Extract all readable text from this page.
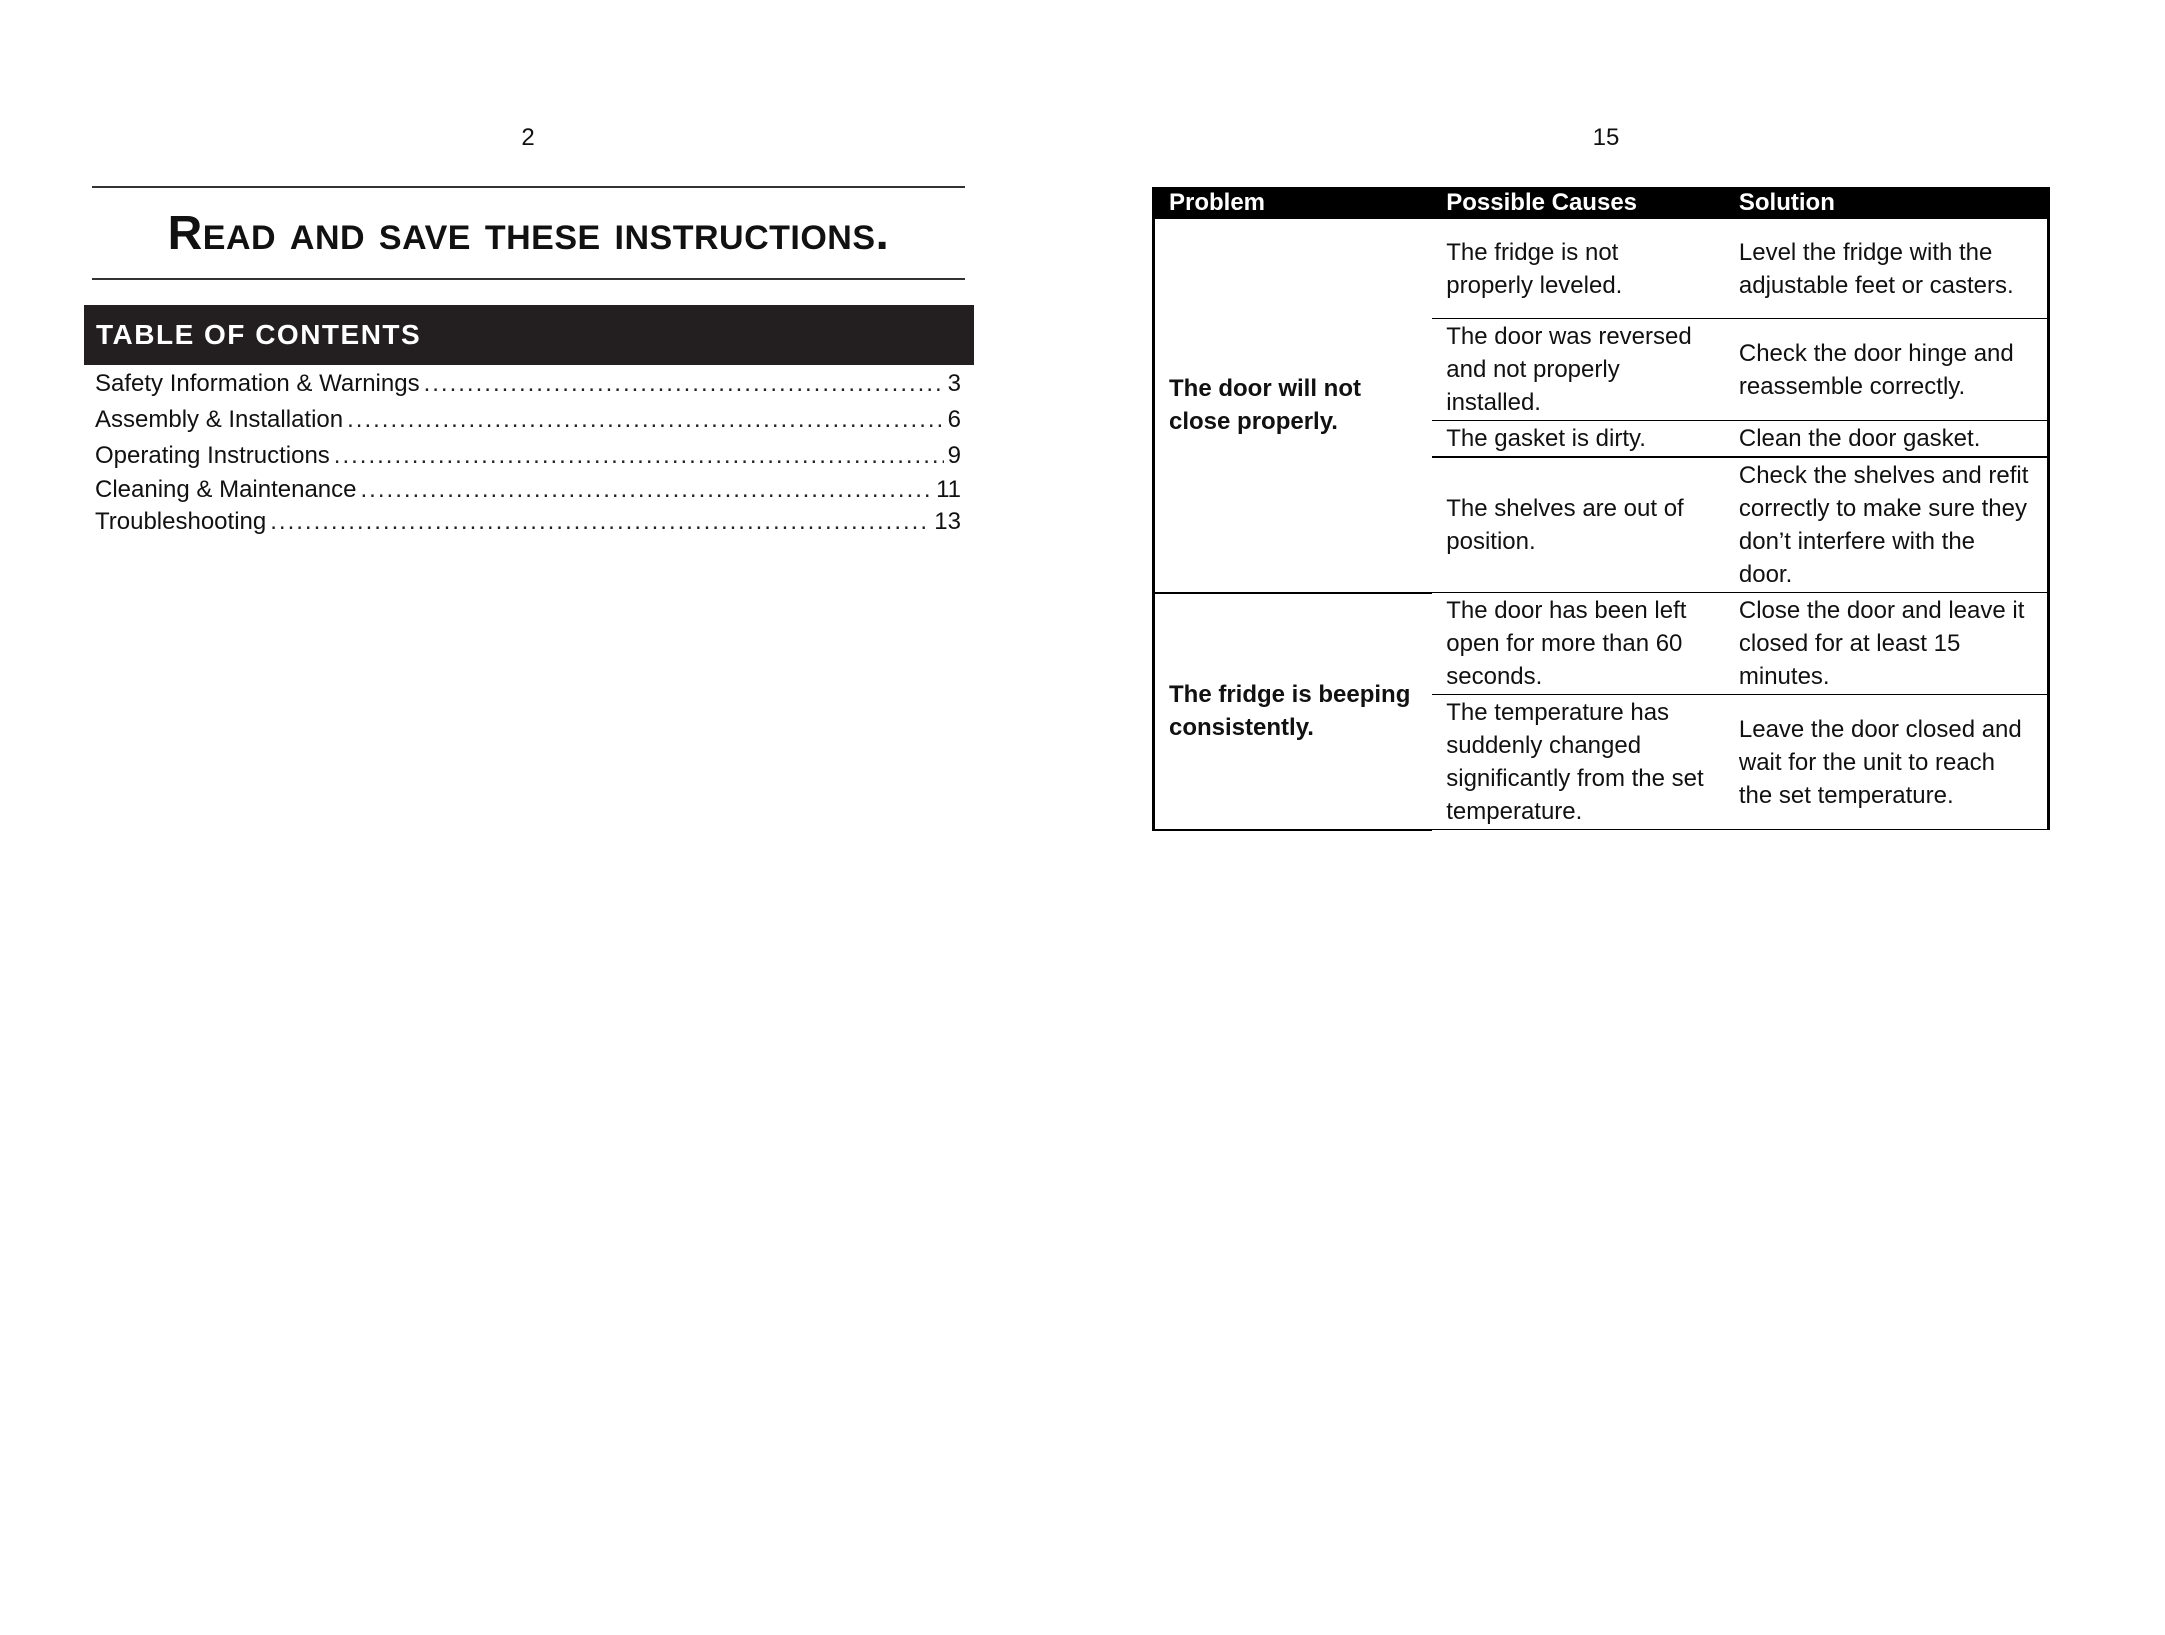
2
Read and save these instructions.
TABLE OF CONTENTS
Safety Information & Warnings .....	3
Assembly & Installation .....	6
Operating Instructions .....	9
Cleaning & Maintenance .....	11
Troubleshooting .....	13
15
Problem	Possible Causes	Solution
The door will not close properly.	The fridge is not properly leveled.	Level the fridge with the adjustable feet or casters.
	The door was reversed and not properly installed.	Check the door hinge and reassemble correctly.
	The gasket is dirty.	Clean the door gasket.
	The shelves are out of position.	Check the shelves and refit correctly to make sure they don’t interfere with the door.
The fridge is beeping consistently.	The door has been left open for more than 60 seconds.	Close the door and leave it closed for at least 15 minutes.
	The temperature has suddenly changed significantly from the set temperature.	Leave the door closed and wait for the unit to reach the set temperature.
